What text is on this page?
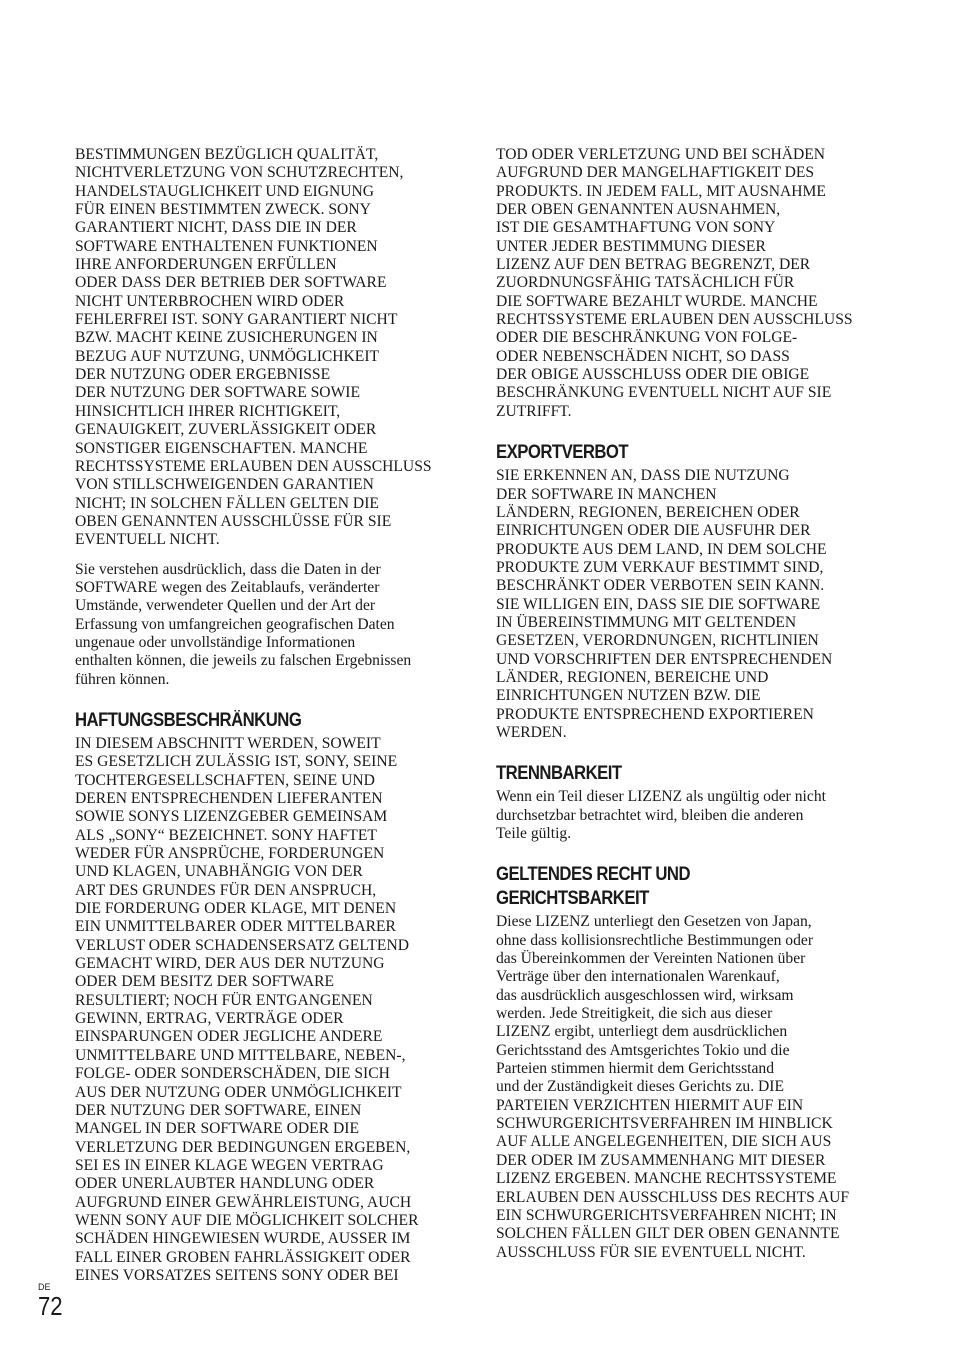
BESTIMMUNGEN BEZÜGLICH QUALITÄT,
NICHTVERLETZUNG VON SCHUTZRECHTEN,
HANDELSTAUGLICHKEIT UND EIGNUNG
FÜR EINEN BESTIMMTEN ZWECK. SONY
GARANTIERT NICHT, DASS DIE IN DER
SOFTWARE ENTHALTENEN FUNKTIONEN
IHRE ANFORDERUNGEN ERFÜLLEN
ODER DASS DER BETRIEB DER SOFTWARE
NICHT UNTERBROCHEN WIRD ODER
FEHLERFREI IST. SONY GARANTIERT NICHT
BZW. MACHT KEINE ZUSICHERUNGEN IN
BEZUG AUF NUTZUNG, UNMÖGLICHKEIT
DER NUTZUNG ODER ERGEBNISSE
DER NUTZUNG DER SOFTWARE SOWIE
HINSICHTLICH IHRER RICHTIGKEIT,
GENAUIGKEIT, ZUVERLÄSSIGKEIT ODER
SONSTIGER EIGENSCHAFTEN. MANCHE
RECHTSSYSTEME ERLAUBEN DEN AUSSCHLUSS
VON STILLSCHWEIGENDEN GARANTIEN
NICHT; IN SOLCHEN FÄLLEN GELTEN DIE
OBEN GENANNTEN AUSSCHLÜSSE FÜR SIE
EVENTUELL NICHT.

Sie verstehen ausdrücklich, dass die Daten in der
SOFTWARE wegen des Zeitablaufs, veränderter
Umstände, verwendeter Quellen und der Art der
Erfassung von umfangreichen geografischen Daten
ungenaue oder unvollständige Informationen
enthalten können, die jeweils zu falschen Ergebnissen
führen können.

HAFTUNGSBESCHRÄNKUNG

IN DIESEM ABSCHNITT WERDEN, SOWEIT
ES GESETZLICH ZULÄSSIG IST, SONY, SEINE
TOCHTERGESELLSCHAFTEN, SEINE UND
DEREN ENTSPRECHENDEN LIEFERANTEN
SOWIE SONYS LIZENZGEBER GEMEINSAM
ALS „SONY“ BEZEICHNET. SONY HAFTET
WEDER FÜR ANSPRÜCHE, FORDERUNGEN
UND KLAGEN, UNABHÄNGIG VON DER
ART DES GRUNDES FÜR DEN ANSPRUCH,
DIE FORDERUNG ODER KLAGE, MIT DENEN
EIN UNMITTELBARER ODER MITTELBARER
VERLUST ODER SCHADENSERSATZ GELTEND
GEMACHT WIRD, DER AUS DER NUTZUNG
ODER DEM BESITZ DER SOFTWARE
RESULTIERT; NOCH FÜR ENTGANGENEN
GEWINN, ERTRAG, VERTRÄGE ODER
EINSPARUNGEN ODER JEGLICHE ANDERE
UNMITTELBARE UND MITTELBARE, NEBEN-,
FOLGE- ODER SONDERSCHÄDEN, DIE SICH
AUS DER NUTZUNG ODER UNMÖGLICHKEIT
DER NUTZUNG DER SOFTWARE, EINEN
MANGEL IN DER SOFTWARE ODER DIE
VERLETZUNG DER BEDINGUNGEN ERGEBEN,
SEI ES IN EINER KLAGE WEGEN VERTRAG
ODER UNERLAUBTER HANDLUNG ODER
AUFGRUND EINER GEWÄHRLEISTUNG, AUCH
WENN SONY AUF DIE MÖGLICHKEIT SOLCHER
SCHÄDEN HINGEWIESEN WURDE, AUSSER IM
FALL EINER GROBEN FAHRLÄSSIGKEIT ODER
EINES VORSATZES SEITENS SONY ODER BEI

TOD ODER VERLETZUNG UND BEI SCHÄDEN
AUFGRUND DER MANGELHAFTIGKEIT DES
PRODUKTS. IN JEDEM FALL, MIT AUSNAHME
DER OBEN GENANNTEN AUSNAHMEN,
IST DIE GESAMTHAFTUNG VON SONY
UNTER JEDER BESTIMMUNG DIESER
LIZENZ AUF DEN BETRAG BEGRENZT, DER
ZUORDNUNGSFÄHIG TATSÄCHLICH FÜR
DIE SOFTWARE BEZAHLT WURDE. MANCHE
RECHTSSYSTEME ERLAUBEN DEN AUSSCHLUSS
ODER DIE BESCHRÄNKUNG VON FOLGE-
ODER NEBENSCHÄDEN NICHT, SO DASS
DER OBIGE AUSSCHLUSS ODER DIE OBIGE
BESCHRÄNKUNG EVENTUELL NICHT AUF SIE
ZUTRIFFT.

EXPORTVERBOT

SIE ERKENNEN AN, DASS DIE NUTZUNG
DER SOFTWARE IN MANCHEN
LÄNDERN, REGIONEN, BEREICHEN ODER
EINRICHTUNGEN ODER DIE AUSFUHR DER
PRODUKTE AUS DEM LAND, IN DEM SOLCHE
PRODUKTE ZUM VERKAUF BESTIMMT SIND,
BESCHRÄNKT ODER VERBOTEN SEIN KANN.
SIE WILLIGEN EIN, DASS SIE DIE SOFTWARE
IN ÜBEREINSTIMMUNG MIT GELTENDEN
GESETZEN, VERORDNUNGEN, RICHTLINIEN
UND VORSCHRIFTEN DER ENTSPRECHENDEN
LÄNDER, REGIONEN, BEREICHE UND
EINRICHTUNGEN NUTZEN BZW. DIE
PRODUKTE ENTSPRECHEND EXPORTIEREN
WERDEN.

TRENNBARKEIT

Wenn ein Teil dieser LIZENZ als ungültig oder nicht
durchsetzbar betrachtet wird, bleiben die anderen
Teile gültig.

GELTENDES RECHT UND GERICHTSBARKEIT

Diese LIZENZ unterliegt den Gesetzen von Japan,
ohne dass kollisionsrechtliche Bestimmungen oder
das Übereinkommen der Vereinten Nationen über
Verträge über den internationalen Warenkauf,
das ausdrücklich ausgeschlossen wird, wirksam
werden. Jede Streitigkeit, die sich aus dieser
LIZENZ ergibt, unterliegt dem ausdrücklichen
Gerichtsstand des Amtsgerichtes Tokio und die
Parteien stimmen hiermit dem Gerichtsstand
und der Zuständigkeit dieses Gerichts zu. DIE
PARTEIEN VERZICHTEN HIERMIT AUF EIN
SCHWURGERICHTSVERFAHREN IM HINBLICK
AUF ALLE ANGELEGENHEITEN, DIE SICH AUS
DER ODER IM ZUSAMMENHANG MIT DIESER
LIZENZ ERGEBEN. MANCHE RECHTSSYSTEME
ERLAUBEN DEN AUSSCHLUSS DES RECHTS AUF
EIN SCHWURGERICHTSVERFAHREN NICHT; IN
SOLCHEN FÄLLEN GILT DER OBEN GENANNTE
AUSSCHLUSS FÜR SIE EVENTUELL NICHT.

DE
72
